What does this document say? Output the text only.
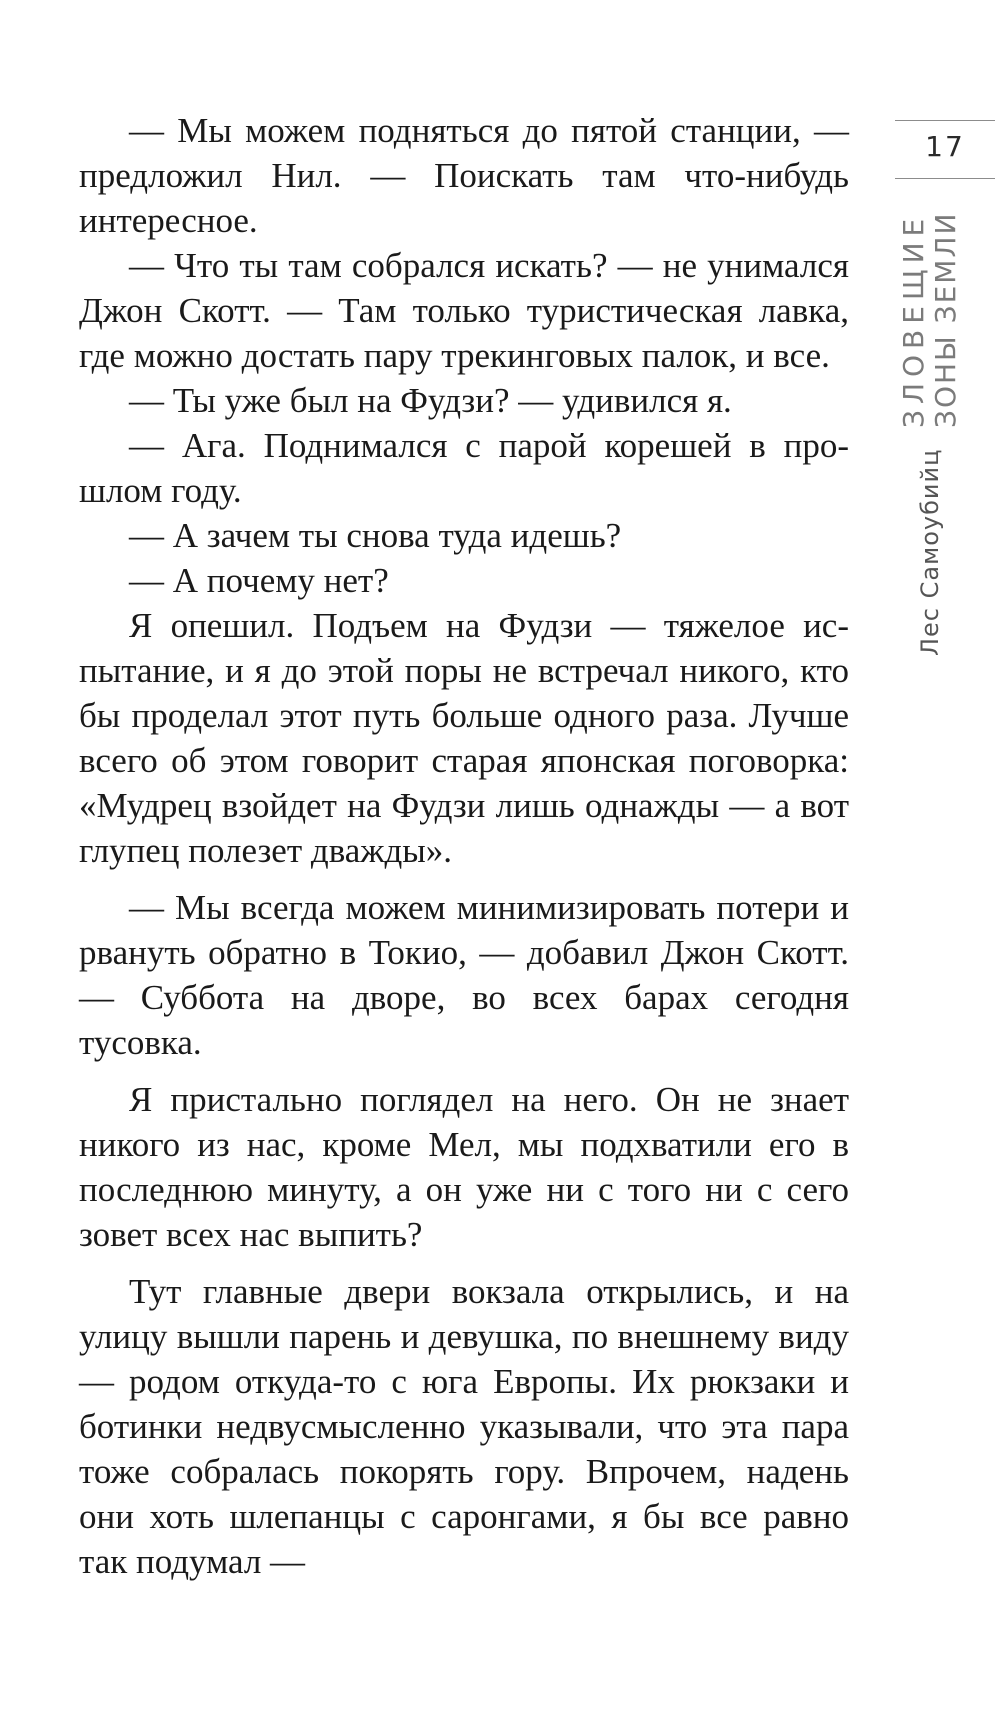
— Мы можем подняться до пятой станции, — предложил Нил. — Поискать там что-нибудь интересное.

— Что ты там собрался искать? — не унимался Джон Скотт. — Там только туристическая лавка, где можно достать пару трекинговых палок, и все.

— Ты уже был на Фудзи? — удивился я.

— Ага. Поднимался с парой корешей в прошлом году.

— А зачем ты снова туда идешь?

— А почему нет?

Я опешил. Подъем на Фудзи — тяжелое испытание, и я до этой поры не встречал никого, кто бы проделал этот путь больше одного раза. Лучше всего об этом говорит старая японская поговорка: «Мудрец взойдет на Фудзи лишь однажды — а вот глупец полезет дважды».

— Мы всегда можем минимизировать потери и рвануть обратно в Токио, — добавил Джон Скотт. — Суббота на дворе, во всех барах сегодня тусовка.

Я пристально поглядел на него. Он не знает никого из нас, кроме Мел, мы подхватили его в последнюю минуту, а он уже ни с того ни с сего зовет всех нас выпить?

Тут главные двери вокзала открылись, и на улицу вышли парень и девушка, по внешнему виду — родом откуда-то с юга Европы. Их рюкзаки и ботинки недвусмысленно указывали, что эта пара тоже собралась покорять гору. Впрочем, надень они хоть шлепанцы с саронгами, я бы все равно так подумал —

17
ЗЛОВЕЩИЕ ЗОНЫ ЗЕМЛИ
Лес Самоубийц
